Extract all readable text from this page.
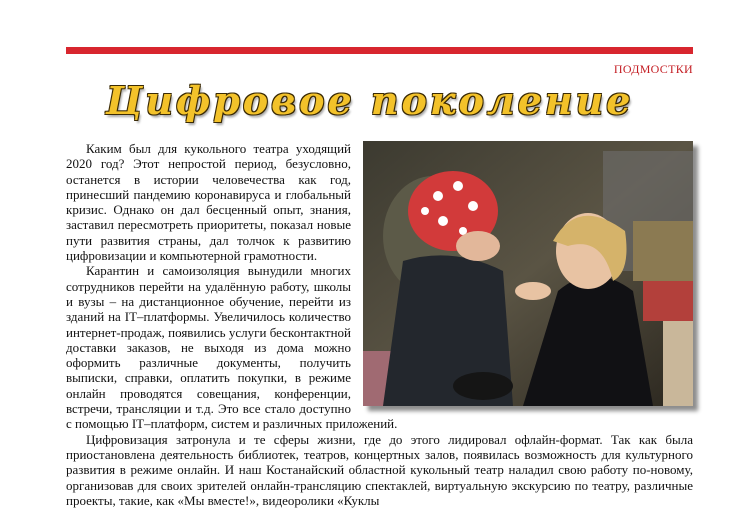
ПОДМОСТКИ
Цифровое поколение

Каким был для кукольного театра уходящий 2020 год? Этот непростой период, безусловно, останется в истории человечества как год, принесший пандемию коронавируса и глобальный кризис. Однако он дал бесценный опыт, знания, заставил пересмотреть приоритеты, показал новые пути развития страны, дал толчок к развитию цифровизации и компьютерной грамотности.

Карантин и самоизоляция вынудили многих сотрудников перейти на удалённую работу, школы и вузы – на дистанционное обучение, перейти из зданий на IT–платформы. Увеличилось количество интернет-продаж, появились услуги бесконтактной доставки заказов, не выходя из дома можно оформить различные документы, получить выписки, справки, оплатить покупки, в режиме онлайн проводятся совещания, конференции, встречи, трансляции и т.д. Это все стало доступно с помощью IT–платформ, систем и различных приложений.

Цифровизация затронула и те сферы жизни, где до этого лидировал офлайн-формат. Так как была приостановлена деятельность библиотек, театров, концертных залов, появилась возможность для культурного развития в режиме онлайн. И наш Костанайский областной кукольный театр наладил свою работу по-новому, организовав для своих зрителей онлайн-трансляцию спектаклей, виртуальную экскурсию по театру, различные проекты, такие, как «Мы вместе!», видеоролики «Куклы
